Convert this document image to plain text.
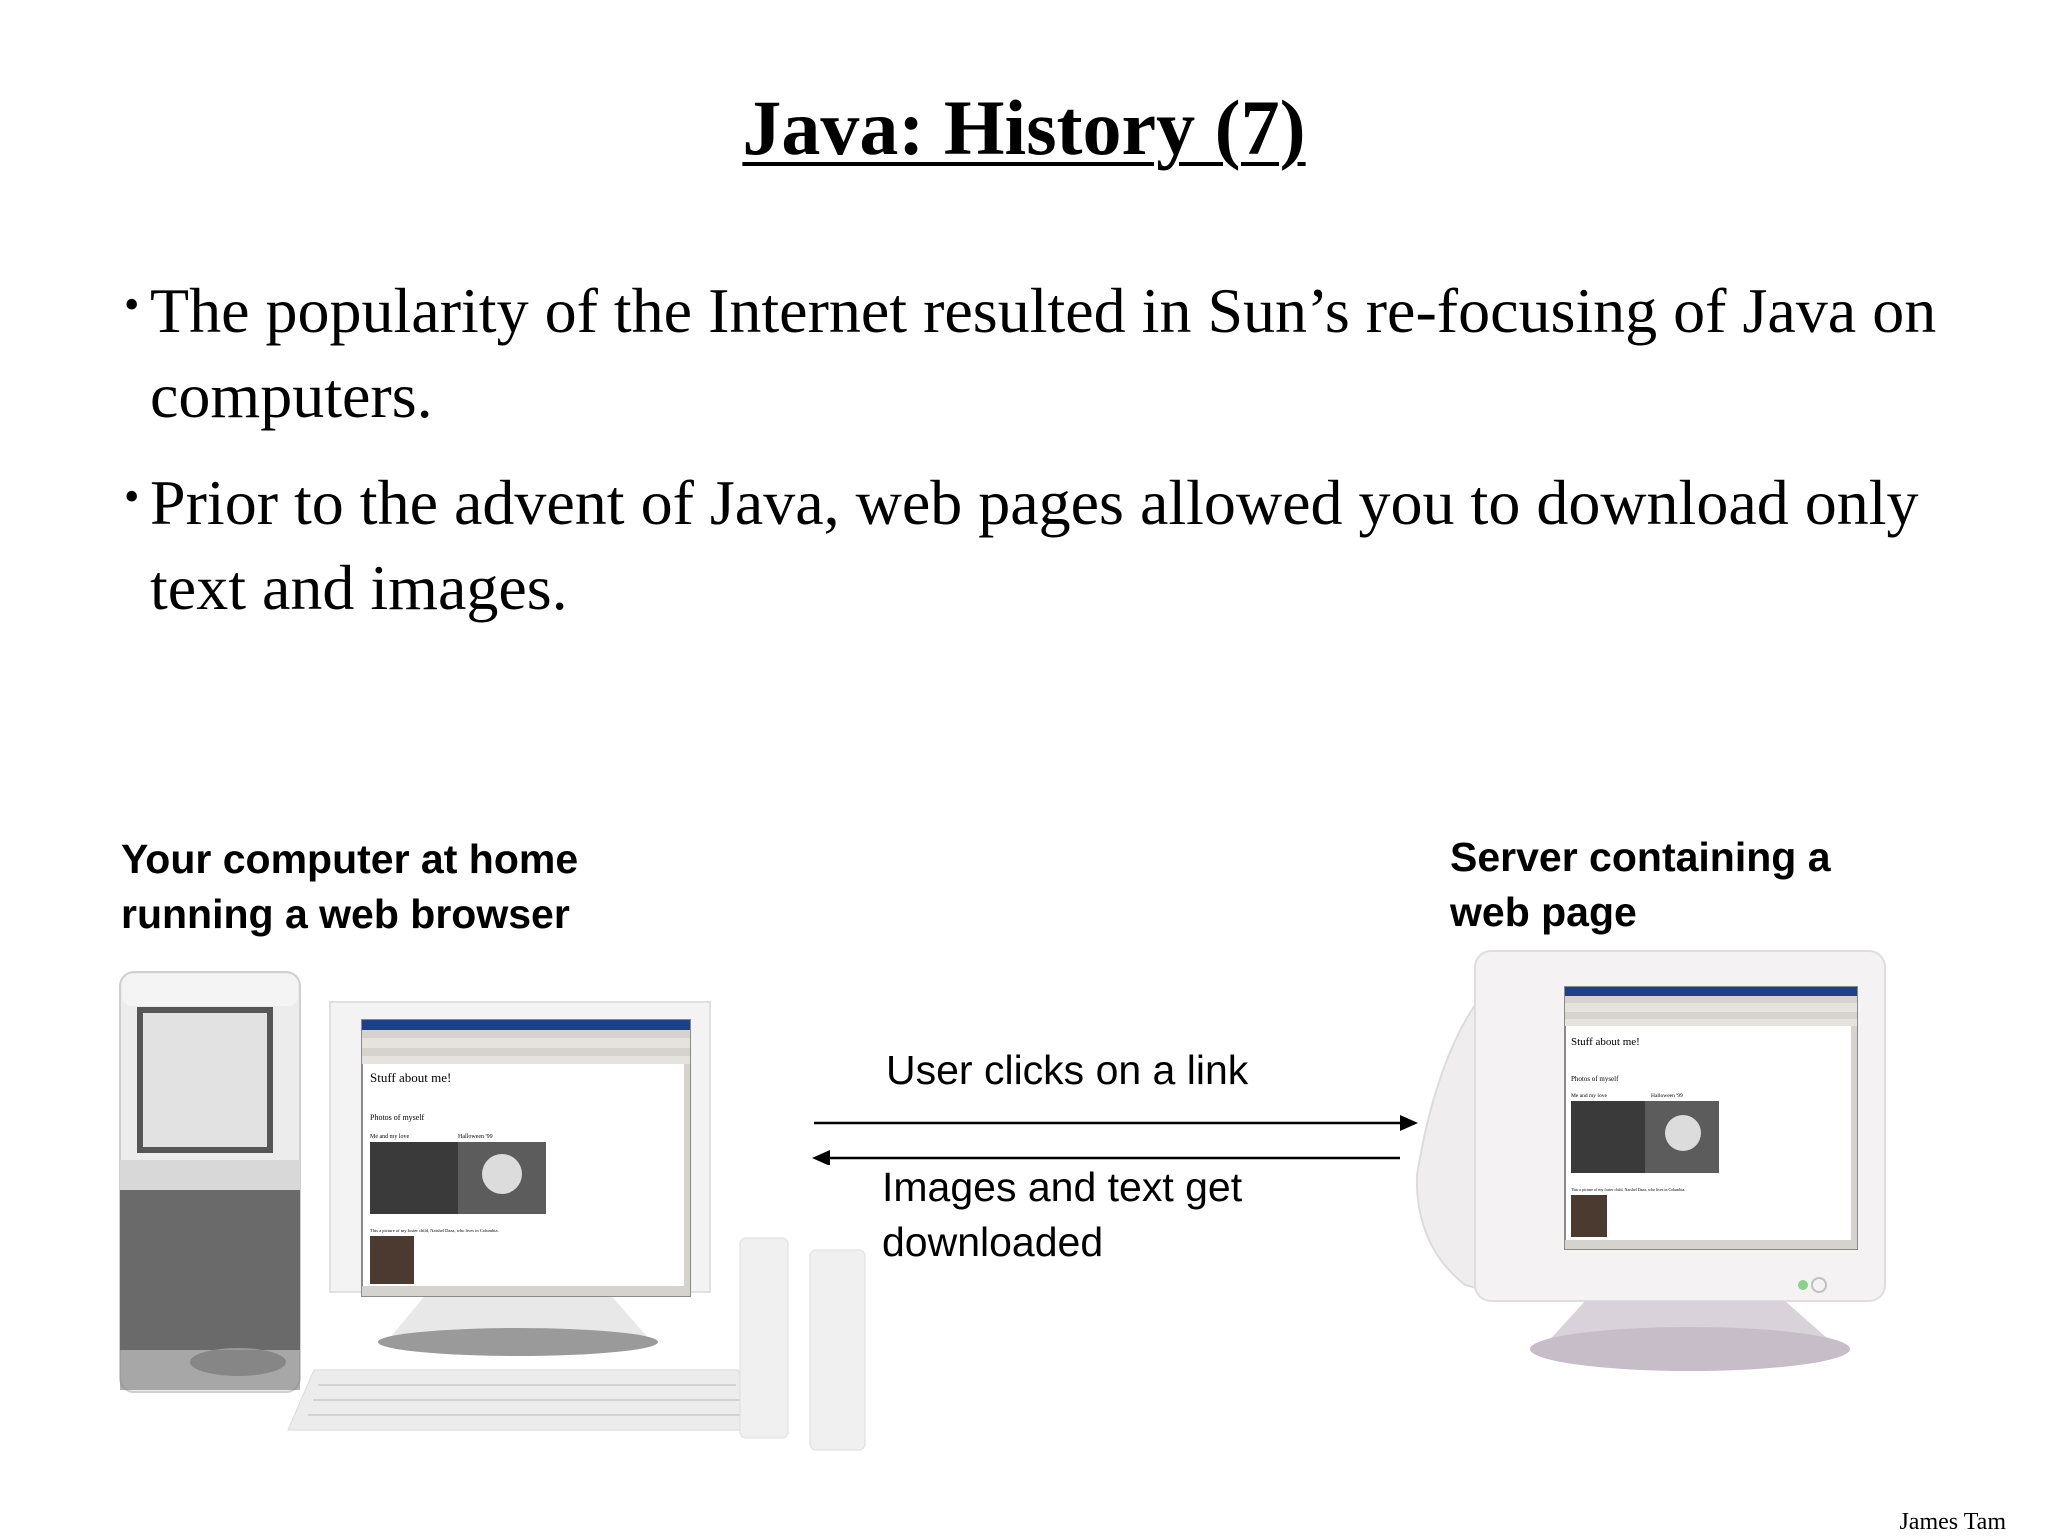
Java: History (7)
• The popularity of the Internet resulted in Sun’s re-focusing of Java on computers.
• Prior to the advent of Java, web pages allowed you to download only text and images.
Your computer at home
running a web browser
Server containing a
web page
User clicks on a link
Images and text get
downloaded
Stuff about me!
Photos of myself
Me and my love	Halloween '99
This a picture of my foster child, Naishel Daza, who lives in Columbia.
Stuff about me!
Photos of myself
Me and my love	Halloween '99
This a picture of my foster child, Naishel Daza, who lives in Columbia.
James Tam
